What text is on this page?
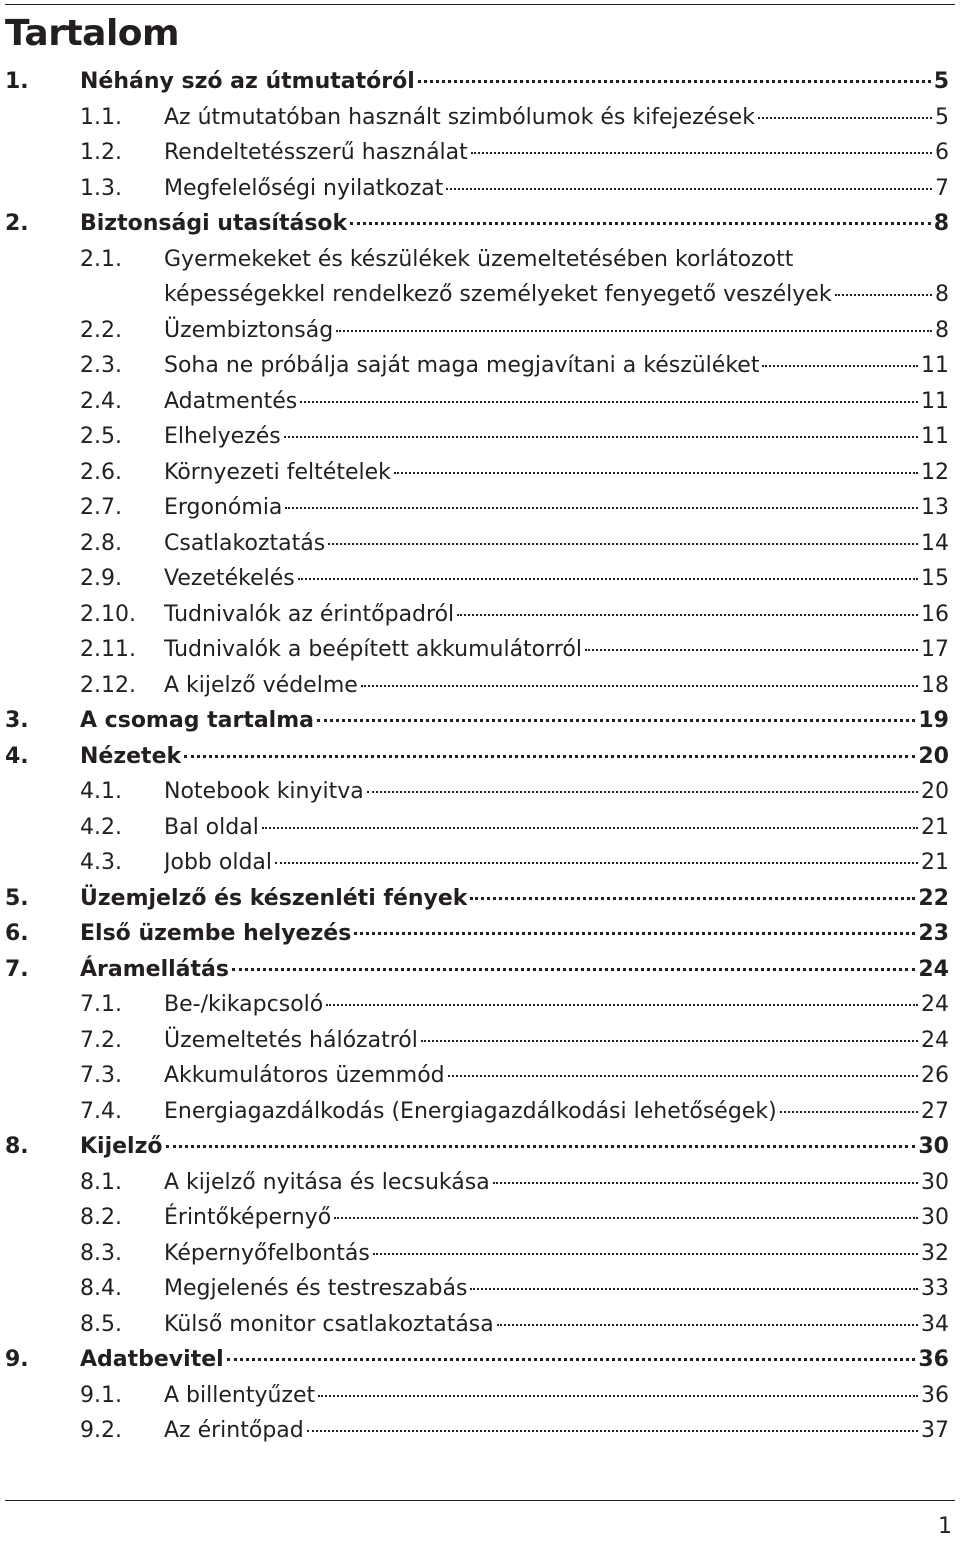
Tartalom
1. Néhány szó az útmutatóról	5
1.1. Az útmutatóban használt szimbólumok és kifejezések	5
1.2. Rendeltetésszerű használat	6
1.3. Megfelelőségi nyilatkozat	7
2. Biztonsági utasítások	8
2.1. Gyermekeket és készülékek üzemeltetésében korlátozott
képességekkel rendelkező személyeket fenyegető veszélyek	8
2.2. Üzembiztonság	8
2.3. Soha ne próbálja saját maga megjavítani a készüléket	11
2.4. Adatmentés	11
2.5. Elhelyezés	11
2.6. Környezeti feltételek	12
2.7. Ergonómia	13
2.8. Csatlakoztatás	14
2.9. Vezetékelés	15
2.10. Tudnivalók az érintőpadról	16
2.11. Tudnivalók a beépített akkumulátorról	17
2.12. A kijelző védelme	18
3. A csomag tartalma	19
4. Nézetek	20
4.1. Notebook kinyitva	20
4.2. Bal oldal	21
4.3. Jobb oldal	21
5. Üzemjelző és készenléti fények	22
6. Első üzembe helyezés	23
7. Áramellátás	24
7.1. Be-/kikapcsoló	24
7.2. Üzemeltetés hálózatról	24
7.3. Akkumulátoros üzemmód	26
7.4. Energiagazdálkodás (Energiagazdálkodási lehetőségek)	27
8. Kijelző	30
8.1. A kijelző nyitása és lecsukása	30
8.2. Érintőképernyő	30
8.3. Képernyőfelbontás	32
8.4. Megjelenés és testreszabás	33
8.5. Külső monitor csatlakoztatása	34
9. Adatbevitel	36
9.1. A billentyűzet	36
9.2. Az érintőpad	37
1
